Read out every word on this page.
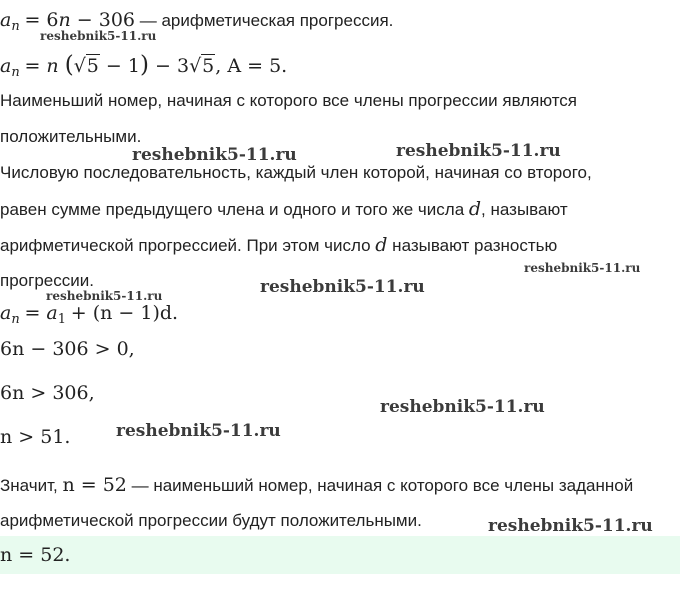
$a_n = 6n - 306$ — арифметическая прогрессия.
reshebnik5-11.ru
$a_n = n$ (√5 − 1) − 3√5, A = 5.
Наименьший номер, начиная с которого все члены прогрессии являются
положительными.
reshebnik5-11.ru	reshebnik5-11.ru
Числовую последовательность, каждый член которой, начиная со второго,
равен сумме предыдущего члена и одного и того же числа d, называют
арифметической прогрессией. При этом число d называют разностью
прогрессии.
reshebnik5-11.ru
reshebnik5-11.ru
reshebnik5-11.ru
$a_n = a_1 + (n - 1)d$.
6n − 306 > 0,
6n > 306,
reshebnik5-11.ru
n > 51.	reshebnik5-11.ru
Значит, n = 52 — наименьший номер, начиная с которого все члены заданной
арифметической прогрессии будут положительными.	reshebnik5-11.ru
n = 52.
